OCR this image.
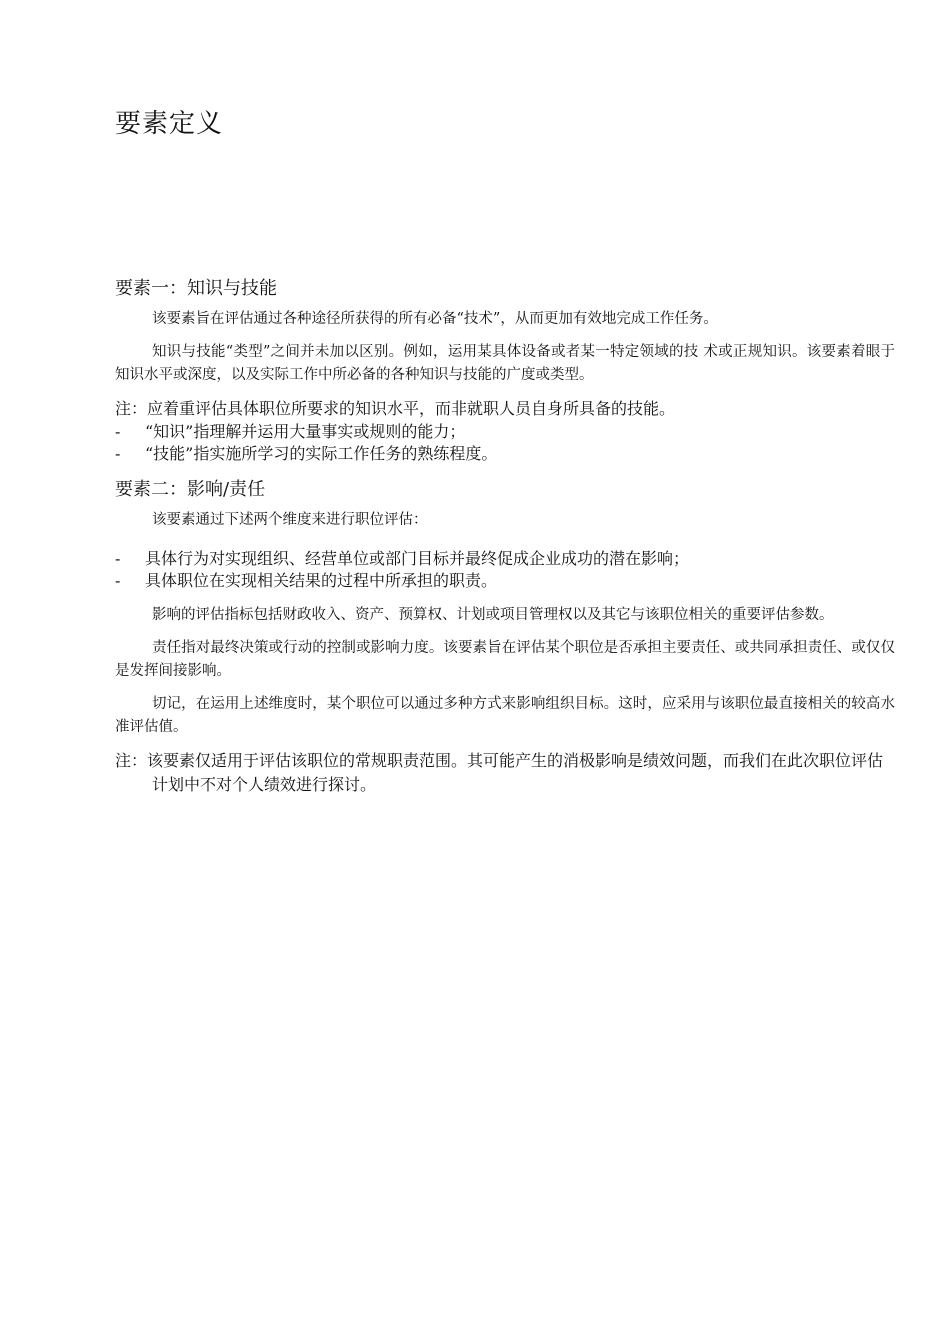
要素定义
要素一：知识与技能

该要素旨在评估通过各种途径所获得的所有必备“技术”，从而更加有效地完成工作任务。

知识与技能“类型”之间并未加以区别。例如，运用某具体设备或者某一特定领域的技 术或正规知识。该要素着眼于知识水平或深度，以及实际工作中所必备的各种知识与技能的广度或类型。

注：应着重评估具体职位所要求的知识水平，而非就职人员自身所具备的技能。

- “知识”指理解并运用大量事实或规则的能力；
- “技能”指实施所学习的实际工作任务的熟练程度。
要素二：影响/责任

该要素通过下述两个维度来进行职位评估：

- 具体行为对实现组织、经营单位或部门目标并最终促成企业成功的潜在影响；
- 具体职位在实现相关结果的过程中所承担的职责。

影响的评估指标包括财政收入、资产、预算权、计划或项目管理权以及其它与该职位相关的重要评估参数。

责任指对最终决策或行动的控制或影响力度。该要素旨在评估某个职位是否承担主要责任、或共同承担责任、或仅仅是发挥间接影响。

切记，在运用上述维度时，某个职位可以通过多种方式来影响组织目标。这时，应采用与该职位最直接相关的较高水准评估值。

注：该要素仅适用于评估该职位的常规职责范围。其可能产生的消极影响是绩效问题，而我们在此次职位评估计划中不对个人绩效进行探讨。
